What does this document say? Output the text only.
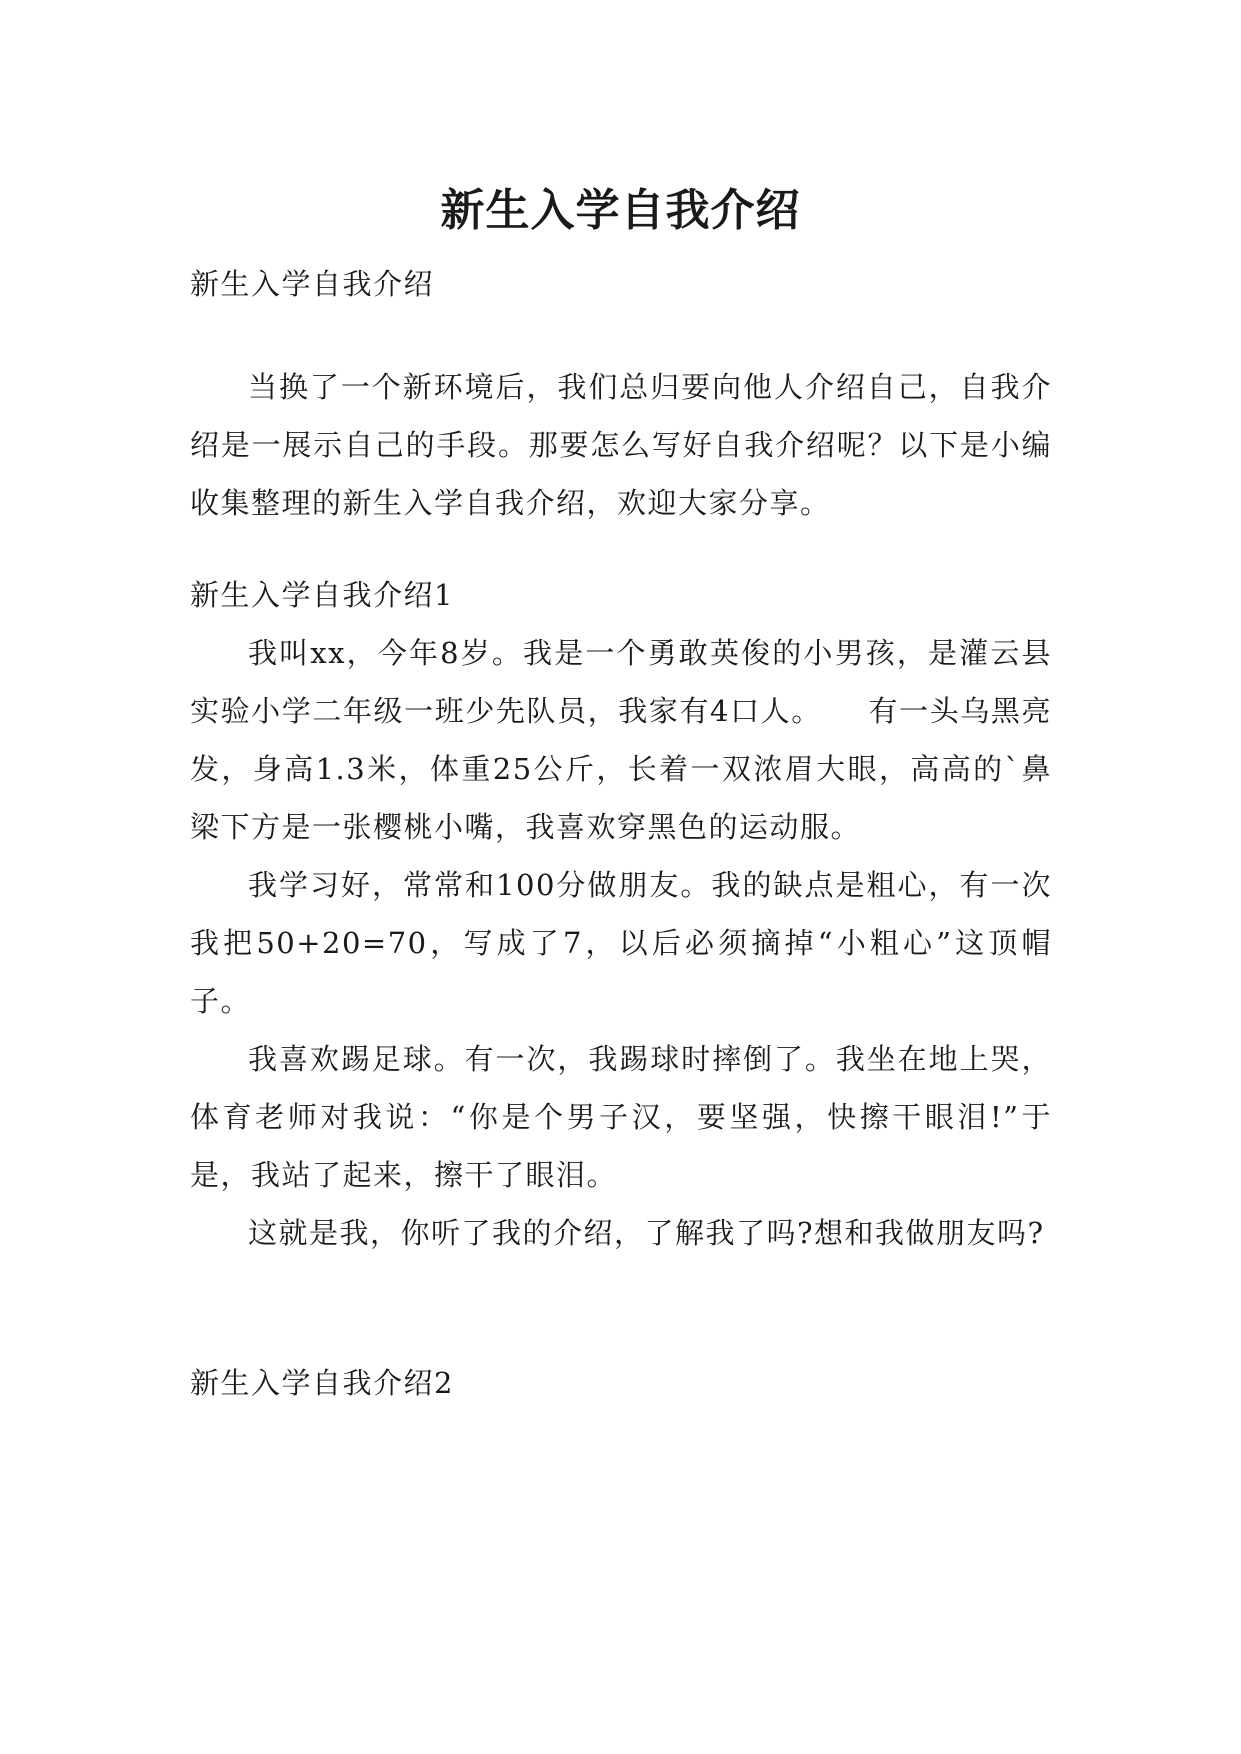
新生入学自我介绍

新生入学自我介绍

当换了一个新环境后，我们总归要向他人介绍自己，自我介绍是一展示自己的手段。那要怎么写好自我介绍呢？以下是小编收集整理的新生入学自我介绍，欢迎大家分享。

新生入学自我介绍1

我叫xx，今年8岁。我是一个勇敢英俊的小男孩，是灌云县实验小学二年级一班少先队员，我家有4口人。　　有一头乌黑亮发，身高1.3米，体重25公斤，长着一双浓眉大眼，高高的`鼻梁下方是一张樱桃小嘴，我喜欢穿黑色的运动服。

我学习好，常常和100分做朋友。我的缺点是粗心，有一次我把50+20=70，写成了7，以后必须摘掉“小粗心”这顶帽子。

我喜欢踢足球。有一次，我踢球时摔倒了。我坐在地上哭，体育老师对我说：“你是个男子汉，要坚强，快擦干眼泪!”于是，我站了起来，擦干了眼泪。

这就是我，你听了我的介绍，了解我了吗?想和我做朋友吗?

新生入学自我介绍2
